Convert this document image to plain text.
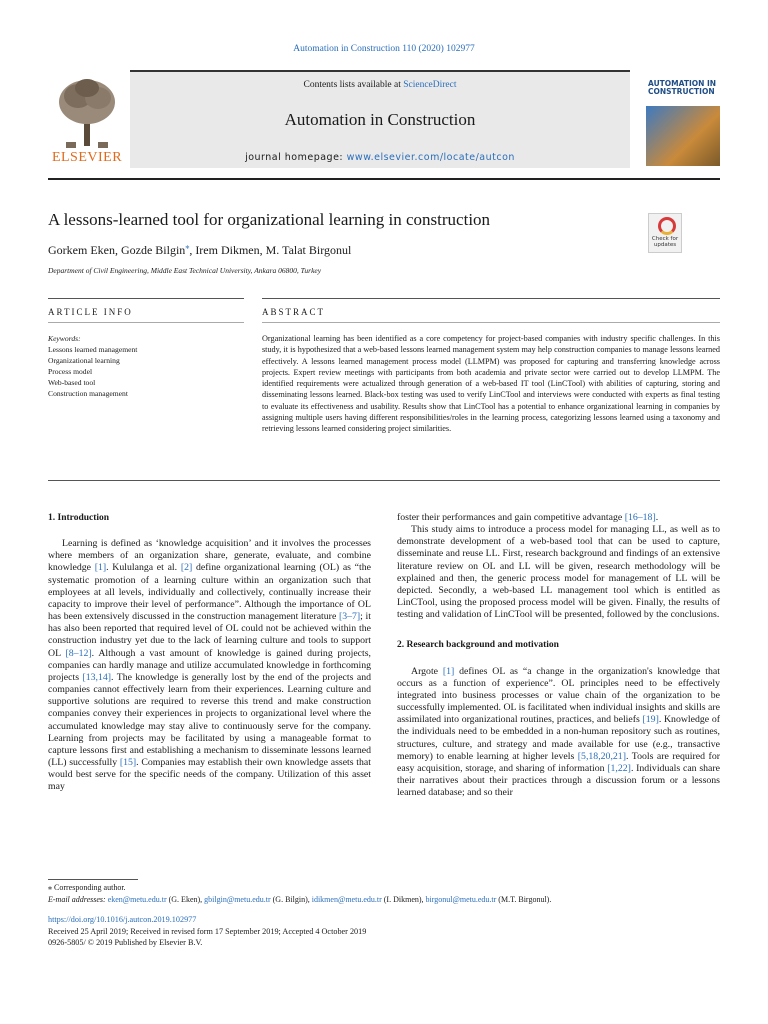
Automation in Construction 110 (2020) 102977
ELSEVIER
Contents lists available at ScienceDirect
Automation in Construction
journal homepage: www.elsevier.com/locate/autcon
AUTOMATION IN CONSTRUCTION
A lessons-learned tool for organizational learning in construction
Check for updates
Gorkem Eken, Gozde Bilgin⁎, Irem Dikmen, M. Talat Birgonul
Department of Civil Engineering, Middle East Technical University, Ankara 06800, Turkey
ARTICLE INFO	ABSTRACT
Keywords:
Lessons learned management
Organizational learning
Process model
Web-based tool
Construction management
Organizational learning has been identified as a core competency for project-based companies with industry specific challenges. In this study, it is hypothesized that a web-based lessons learned management system may help construction companies to manage lessons learned effectively. A lessons learned management process model (LLMPM) was proposed for capturing and transferring knowledge across projects. Expert review meetings with participants from both academia and private sector were carried out to develop LLMPM. The identified requirements were actualized through generation of a web-based IT tool (LinCTool) with abilities of capturing, storing and disseminating lessons learned. Black-box testing was used to verify LinCTool and interviews were conducted with experts as final testing to evaluate its effectiveness and usability. Results show that LinCTool has a potential to enhance organizational learning in companies by assigning multiple users having different responsibilities/roles in the learning process, categorizing lessons learned using a taxonomy and retrieving lessons learned considering project similarities.
1. Introduction

Learning is defined as ‘knowledge acquisition’ and it involves the processes where members of an organization share, generate, evaluate, and combine knowledge [1]. Kululanga et al. [2] define organizational learning (OL) as “the systematic promotion of a learning culture within an organization such that employees at all levels, individually and collectively, continually increase their capacity to improve their level of performance”. Although the importance of OL has been extensively discussed in the construction management literature [3–7]; it has also been reported that required level of OL could not be achieved within the construction industry yet due to the lack of learning culture and tools to support OL [8–12]. Although a vast amount of knowledge is gained during projects, companies can hardly manage and utilize accumulated knowledge in forthcoming projects [13,14]. The knowledge is generally lost by the end of the projects and companies cannot effectively learn from their experiences. Learning culture and supportive solutions are required to reverse this trend and make construction companies convey their experiences in projects to organizational level where the accumulated knowledge may stay alive to continuously serve for the company. Learning from projects may be facilitated by using a manageable format to capture lessons first and establishing a mechanism to disseminate lessons learned (LL) successfully [15]. Companies may establish their own knowledge assets that would best serve for the specific needs of the company. Utilization of this asset may

foster their performances and gain competitive advantage [16–18].

This study aims to introduce a process model for managing LL, as well as to demonstrate development of a web-based tool that can be used to capture, disseminate and reuse LL. First, research background and findings of an extensive literature review on OL and LL will be given, research methodology will be explained and then, the generic process model for management of LL will be depicted. Secondly, a web-based LL management tool which is entitled as LinCTool, using the proposed process model will be given. Finally, the results of testing and validation of LinCTool will be presented, followed by the conclusions.

2. Research background and motivation

Argote [1] defines OL as “a change in the organization's knowledge that occurs as a function of experience”. OL principles need to be effectively integrated into business processes or value chain of the organization to be successfully implemented. OL is facilitated when individual insights and skills are assimilated into organizational routines, practices, and beliefs [19]. Knowledge of the individuals need to be embedded in a non-human repository such as routines, structures, culture, and strategy and made available for use (e.g., transactive memory) to enable learning at higher levels [5,18,20,21]. Tools are required for easy acquisition, storage, and sharing of information [1,22]. Individuals can share their narratives about their practices through a discussion forum or a lessons learned database; and so their

⁎ Corresponding author.
E-mail addresses: eken@metu.edu.tr (G. Eken), gbilgin@metu.edu.tr (G. Bilgin), idikmen@metu.edu.tr (I. Dikmen), birgonul@metu.edu.tr (M.T. Birgonul).
https://doi.org/10.1016/j.autcon.2019.102977
Received 25 April 2019; Received in revised form 17 September 2019; Accepted 4 October 2019
0926-5805/ © 2019 Published by Elsevier B.V.
